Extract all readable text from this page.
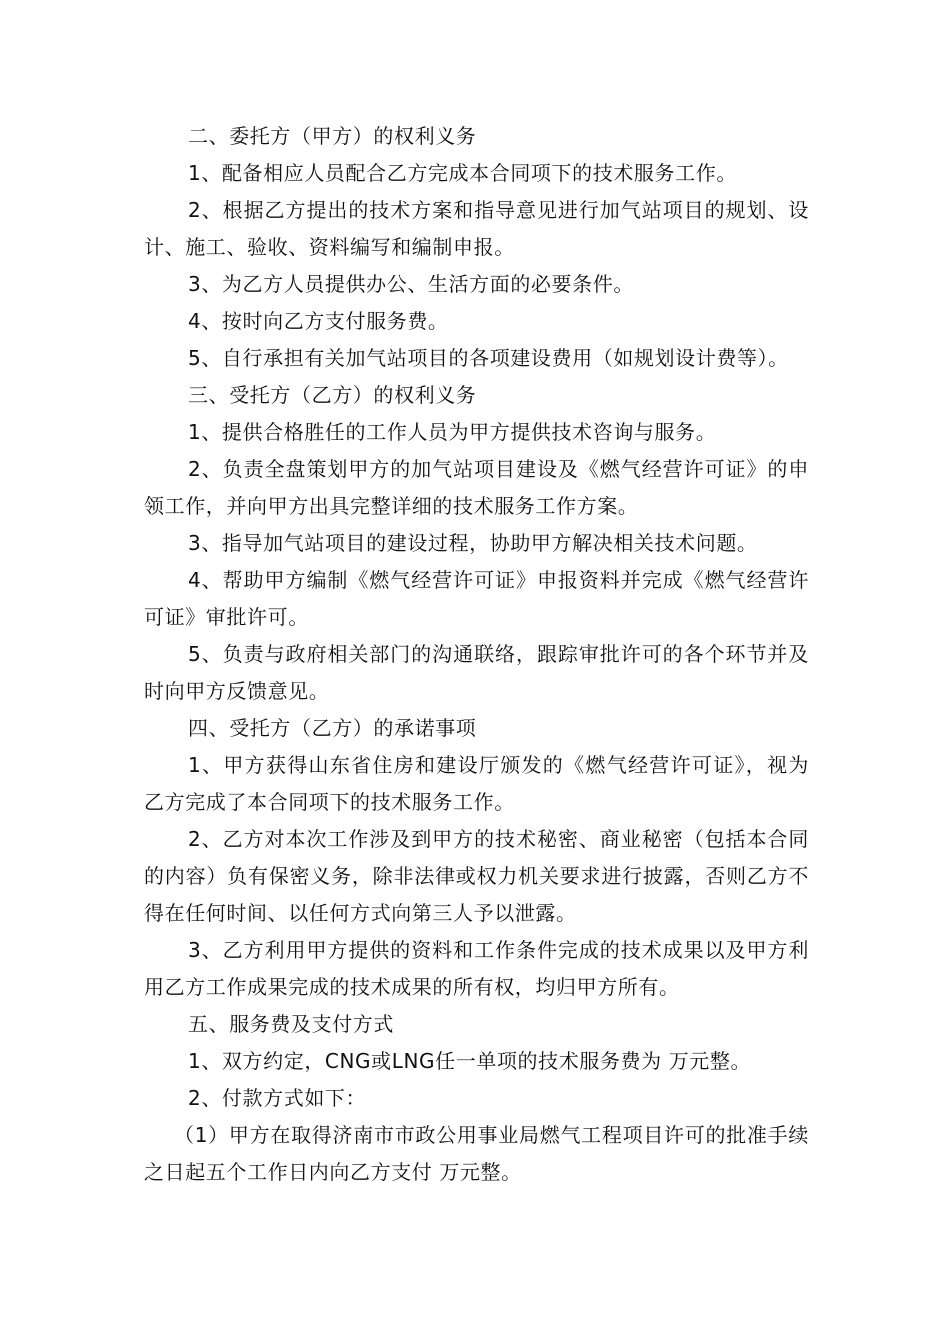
二、委托方（甲方）的权利义务

1、配备相应人员配合乙方完成本合同项下的技术服务工作。

2、根据乙方提出的技术方案和指导意见进行加气站项目的规划、设计、施工、验收、资料编写和编制申报。

3、为乙方人员提供办公、生活方面的必要条件。

4、按时向乙方支付服务费。

5、自行承担有关加气站项目的各项建设费用（如规划设计费等）。

三、受托方（乙方）的权利义务

1、提供合格胜任的工作人员为甲方提供技术咨询与服务。

2、负责全盘策划甲方的加气站项目建设及《燃气经营许可证》的申领工作，并向甲方出具完整详细的技术服务工作方案。

3、指导加气站项目的建设过程，协助甲方解决相关技术问题。

4、帮助甲方编制《燃气经营许可证》申报资料并完成《燃气经营许可证》审批许可。

5、负责与政府相关部门的沟通联络，跟踪审批许可的各个环节并及时向甲方反馈意见。

四、受托方（乙方）的承诺事项

1、甲方获得山东省住房和建设厅颁发的《燃气经营许可证》，视为乙方完成了本合同项下的技术服务工作。

2、乙方对本次工作涉及到甲方的技术秘密、商业秘密（包括本合同的内容）负有保密义务，除非法律或权力机关要求进行披露，否则乙方不得在任何时间、以任何方式向第三人予以泄露。

3、乙方利用甲方提供的资料和工作条件完成的技术成果以及甲方利用乙方工作成果完成的技术成果的所有权，均归甲方所有。

五、服务费及支付方式

1、双方约定，CNG或LNG任一单项的技术服务费为 万元整。

2、付款方式如下：

（1）甲方在取得济南市市政公用事业局燃气工程项目许可的批准手续之日起五个工作日内向乙方支付 万元整。
